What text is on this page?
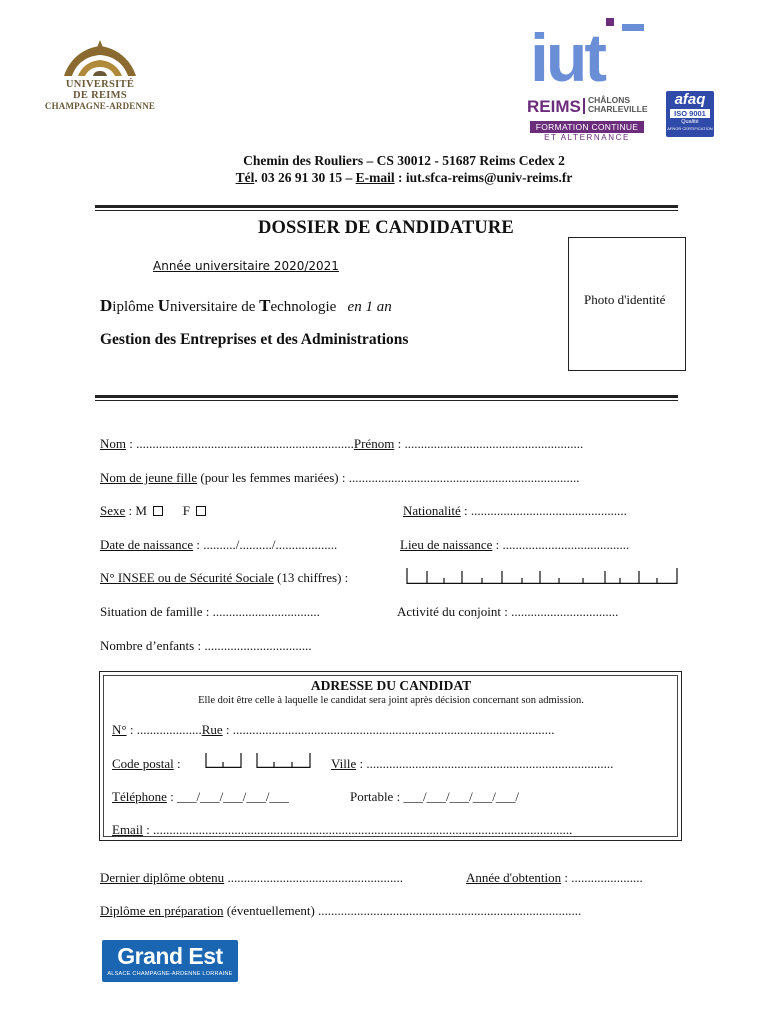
UNIVERSITÉ
DE REIMS
CHAMPAGNE-ARDENNE
iut
REIMS CHÂLONS
CHARLEVILLE
FORMATION CONTINUE
ET ALTERNANCE
afaq
ISO 9001
Qualité
AFNOR CERTIFICATION
Chemin des Rouliers – CS 30012 - 51687 Reims Cedex 2
Tél. 03 26 91 30 15 – E-mail : iut.sfca-reims@univ-reims.fr
DOSSIER DE CANDIDATURE
Année universitaire 2020/2021
Diplôme Universitaire de Technologie en 1 an
Gestion des Entreprises et des Administrations
Photo d'identité
Nom : ...................................................................Prénom : .......................................................
Nom de jeune fille (pour les femmes mariées) : .......................................................................
Sexe : M	F	Nationalité : ................................................
Date de naissance : ........../........../...................	Lieu de naissance : .......................................
N° INSEE ou de Sécurité Sociale (13 chiffres) :
Situation de famille : .................................	Activité du conjoint : .................................
Nombre d’enfants : .................................
ADRESSE DU CANDIDAT
Elle doit être celle à laquelle le candidat sera joint après décision concernant son admission.
N° : ....................Rue : ...................................................................................................
Code postal :	Ville : ............................................................................
Téléphone : ___/___/___/___/___	Portable : ___/___/___/___/___/
Email : .................................................................................................................................
Dernier diplôme obtenu ......................................................	Année d'obtention : ......................
Diplôme en préparation (éventuellement) .................................................................................
Grand Est
ALSACE CHAMPAGNE-ARDENNE LORRAINE
